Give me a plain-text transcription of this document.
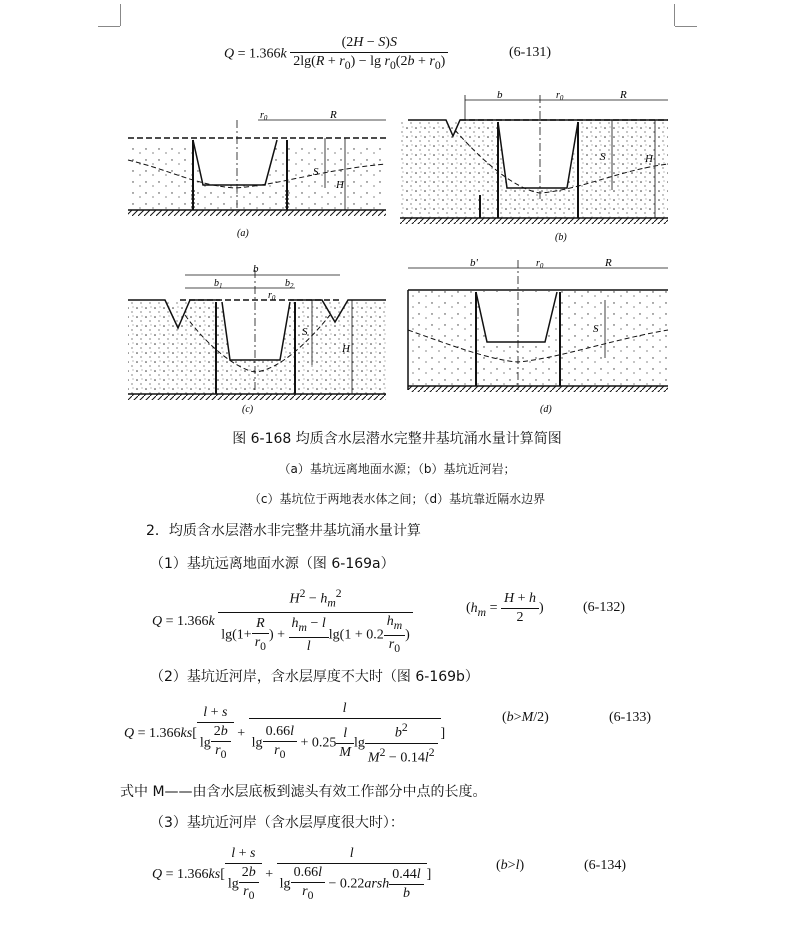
$Q = 1.366k \frac{(2H - S)S}{2\lg(R + r_0) - \lg r_0(2b + r_0)}$	(6-131)
$r_0$	R
S
H
(a)
b	$r_0$	R
S	H
(b)
b
$b_1$	$b_2$
$r_0$
S
H
(c)
b'	$r_0$	R
S
(d)
图 6-168 均质含水层潜水完整井基坑涌水量计算简图
（a）基坑远离地面水源；（b）基坑近河岩；
（c）基坑位于两地表水体之间；（d）基坑靠近隔水边界
2．均质含水层潜水非完整井基坑涌水量计算
（1）基坑远离地面水源（图 6-169a）
$Q = 1.366k \frac{H^2 - h_m^2}{\lg(1+ \frac{R}{r_0} ) + \frac{h_m - l}{l} \lg(1 + 0.2 \frac{h_m}{r_0} )}$	($h_m = \frac{H + h}{2}$ )	(6-132)
（2）基坑近河岸，含水层厚度不大时（图 6-169b）
$Q = 1.366ks[ \frac{l + s}{\lg \frac{2b}{r_0}} + \frac{l}{\lg \frac{0.66l}{r_0} + 0.25 \frac{l}{M} \lg \frac{b^2}{M^2 - 0.14l^2}}$ ]
(b>M/2)	(6-133)
式中 M——由含水层底板到滤头有效工作部分中点的长度。
（3）基坑近河岸（含水层厚度很大时）：
$Q = 1.366ks[ \frac{l + s}{\lg \frac{2b}{r_0}} + \frac{l}{\lg \frac{0.66l}{r_0} - 0.22arsh \frac{0.44l}{b}}$ ]
(b>l)	(6-134)
